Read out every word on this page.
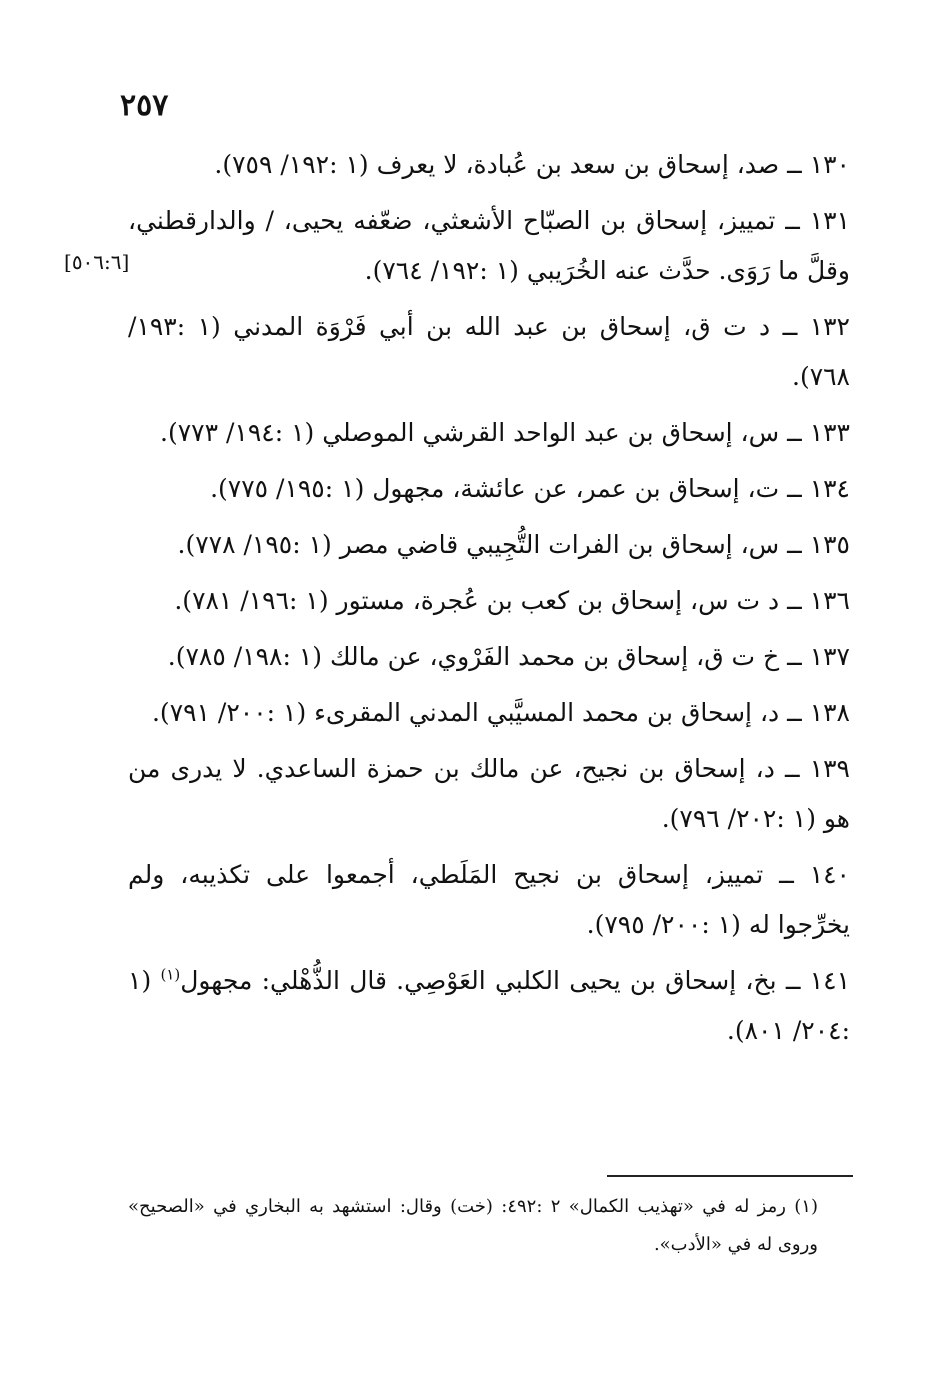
٢٥٧
[٥٠٦:٦]

١٣٠ ــ صد، إسحاق بن سعد بن عُبادة، لا يعرف (١ :١٩٢/ ٧٥٩).

١٣١ ــ تمييز، إسحاق بن الصبّاح الأشعثي، ضعّفه يحيى، / والدارقطني، وقلَّ ما رَوَى. حدَّث عنه الخُرَيبي (١ :١٩٢/ ٧٦٤).

١٣٢ ــ د ت ق، إسحاق بن عبد الله بن أبي فَرْوَة المدني (١ :١٩٣/ ٧٦٨).

١٣٣ ــ س، إسحاق بن عبد الواحد القرشي الموصلي (١ :١٩٤/ ٧٧٣).

١٣٤ ــ ت، إسحاق بن عمر، عن عائشة، مجهول (١ :١٩٥/ ٧٧٥).

١٣٥ ــ س، إسحاق بن الفرات التُّجِيبي قاضي مصر (١ :١٩٥/ ٧٧٨).

١٣٦ ــ د ت س، إسحاق بن كعب بن عُجرة، مستور (١ :١٩٦/ ٧٨١).

١٣٧ ــ خ ت ق، إسحاق بن محمد الفَرْوي، عن مالك (١ :١٩٨/ ٧٨٥).

١٣٨ ــ د، إسحاق بن محمد المسيَّبي المدني المقرىء (١ :٢٠٠/ ٧٩١).

١٣٩ ــ د، إسحاق بن نجيح، عن مالك بن حمزة الساعدي. لا يدرى من هو (١ :٢٠٢/ ٧٩٦).

١٤٠ ــ تمييز، إسحاق بن نجيح المَلَطي، أجمعوا على تكذيبه، ولم يخرِّجوا له (١ :٢٠٠/ ٧٩٥).

١٤١ ــ بخ، إسحاق بن يحيى الكلبي العَوْصِي. قال الذُّهْلي: مجهول$^{(١)}$ (١ :٢٠٤/ ٨٠١).

(١) رمز له في «تهذيب الكمال» ٢ :٤٩٢: (خت) وقال: استشهد به البخاري في «الصحيح» وروى له في «الأدب».
